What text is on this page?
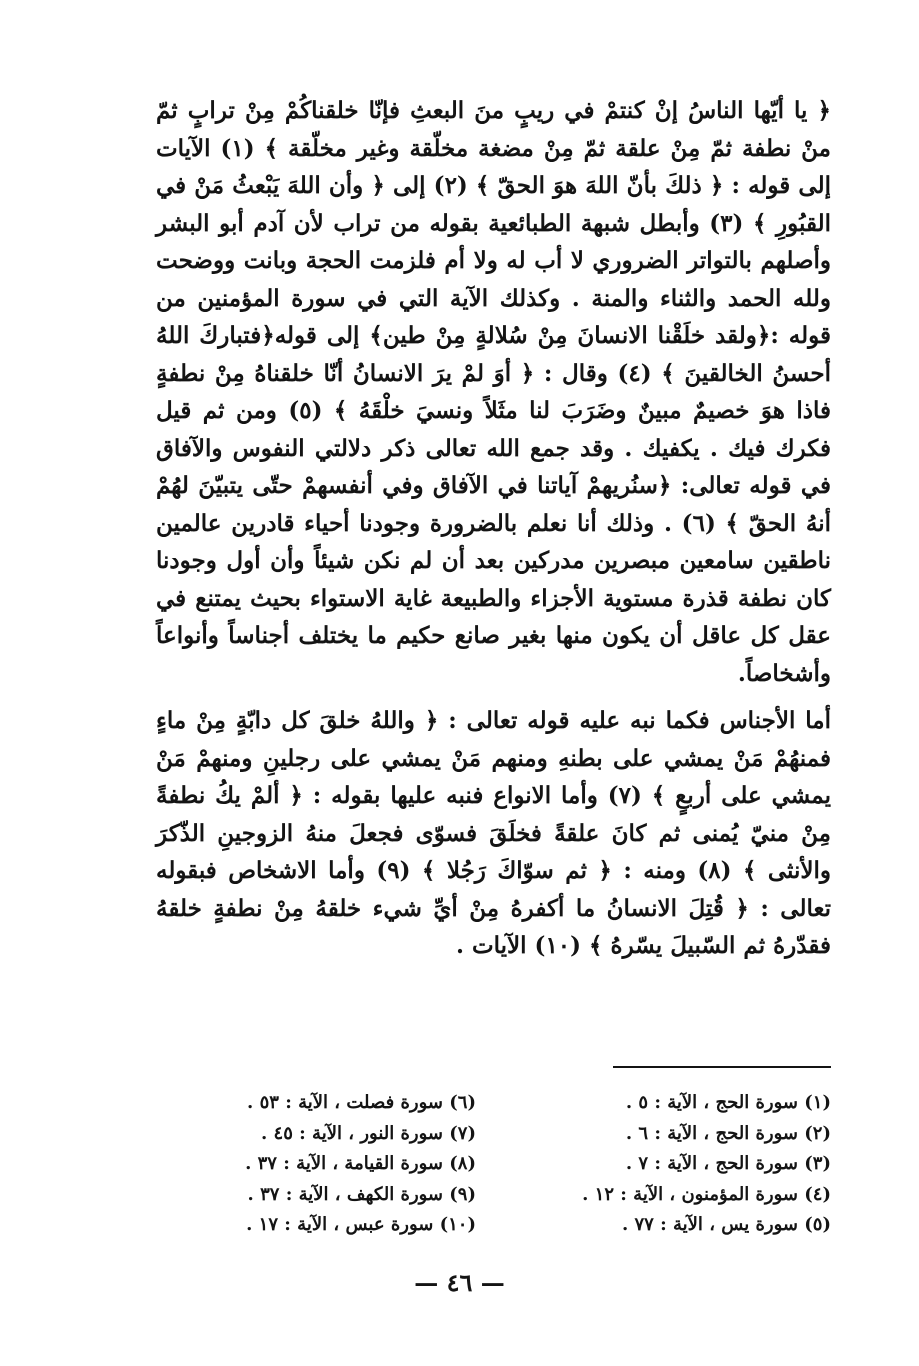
﴿ يا أيّها الناسُ إنْ كنتمْ في ريبٍ منَ البعثِ فإنّا خلقناكُمْ مِنْ ترابٍ ثمّ منْ نطفة ثمّ مِنْ علقة ثمّ مِنْ مضغة مخلّقة وغير مخلّقة ﴾ (١) الآيات إلى قوله : ﴿ ذلكَ بأنّ اللهَ هوَ الحقّ ﴾ (٢) إلى ﴿ وأن اللهَ يَبْعثُ مَنْ في القبُورِ ﴾ (٣) وأبطل شبهة الطبائعية بقوله من تراب لأن آدم أبو البشر وأصلهم بالتواتر الضروري لا أب له ولا أم فلزمت الحجة وبانت ووضحت ولله الحمد والثناء والمنة . وكذلك الآية التي في سورة المؤمنين من قوله :﴿ولقد خلَقْنا الانسانَ مِنْ سُلالةٍ مِنْ طين﴾ إلى قوله﴿فتباركَ اللهُ أحسنُ الخالقينَ ﴾ (٤) وقال : ﴿ أوَ لمْ يرَ الانسانُ أنّا خلقناهُ مِنْ نطفةٍ فاذا هوَ خصيمٌ مبينٌ وضَرَبَ لنا مثَلاً ونسيَ خلْقَهُ ﴾ (٥) ومن ثم قيل فكرك فيك . يكفيك . وقد جمع الله تعالى ذكر دلالتي النفوس والآفاق في قوله تعالى: ﴿سنُريهمْ آياتنا في الآفاق وفي أنفسهمْ حتّى يتبيّنَ لهُمْ أنهُ الحقّ ﴾ (٦) . وذلك أنا نعلم بالضرورة وجودنا أحياء قادرين عالمين ناطقين سامعين مبصرين مدركين بعد أن لم نكن شيئاً وأن أول وجودنا كان نطفة قذرة مستوية الأجزاء والطبيعة غاية الاستواء بحيث يمتنع في عقل كل عاقل أن يكون منها بغير صانع حكيم ما يختلف أجناساً وأنواعاً وأشخاصاً.

أما الأجناس فكما نبه عليه قوله تعالى : ﴿ واللهُ خلقَ كل دابّةٍ مِنْ ماءٍ فمنهُمْ مَنْ يمشي على بطنهِ ومنهم مَنْ يمشي على رجلينِ ومنهمْ مَنْ يمشي على أربعٍ ﴾ (٧) وأما الانواع فنبه عليها بقوله : ﴿ ألمْ يكُ نطفةً مِنْ منيّ يُمنى ثم كانَ علقةً فخلَقَ فسوّى فجعلَ منهُ الزوجينِ الذّكرَ والأنثى ﴾ (٨) ومنه : ﴿ ثم سوّاكَ رَجُلا ﴾ (٩) وأما الاشخاص فبقوله تعالى : ﴿ قُتِلَ الانسانُ ما أكفرهُ مِنْ أيِّ شيء خلقهُ مِنْ نطفةٍ خلقهُ فقدّرهُ ثم السّبيلَ يسّرهُ ﴾ (١٠) الآيات .

(١) سورة الحج ، الآية : ٥ .
(٢) سورة الحج ، الآية : ٦ .
(٣) سورة الحج ، الآية : ٧ .
(٤) سورة المؤمنون ، الآية : ١٢ .
(٥) سورة يس ، الآية : ٧٧ .
(٦) سورة فصلت ، الآية : ٥٣ .
(٧) سورة النور ، الآية : ٤٥ .
(٨) سورة القيامة ، الآية : ٣٧ .
(٩) سورة الكهف ، الآية : ٣٧ .
(١٠) سورة عبس ، الآية : ١٧ .
— ٤٦ —
